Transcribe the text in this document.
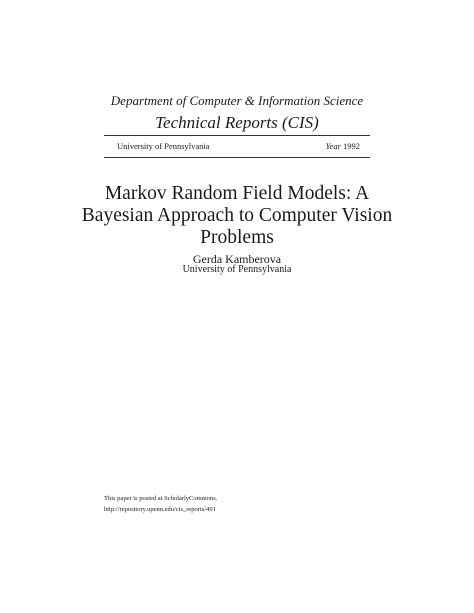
Department of Computer & Information Science
Technical Reports (CIS)
University of Pennsylvania	Year 1992
Markov Random Field Models: A
Bayesian Approach to Computer Vision
Problems
Gerda Kamberova
University of Pennsylvania
This paper is posted at ScholarlyCommons.
http://repository.upenn.edu/cis_reports/491
